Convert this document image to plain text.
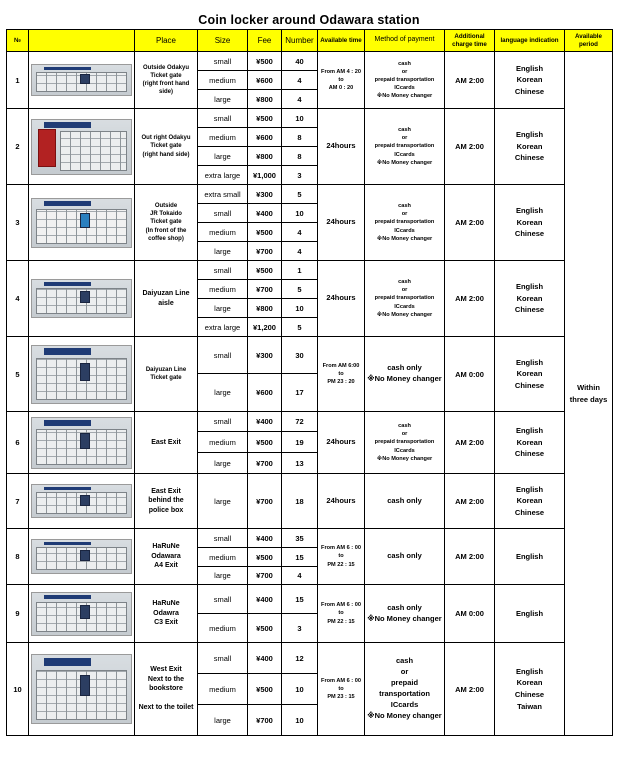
Coin locker around Odawara station
№		Place	Size	Fee	Number	Available time	Method of payment	Additional charge time	language indication	Available period
1		Outside Odakyu
Ticket gate
(right front hand
side)	small	¥500	40	From AM 4 : 20
to
AM 0 : 20	cash
or
prepaid transportation
ICcards
※No Money changer	AM 2:00	English
Korean
Chinese	Within
three days
			medium	¥600	4					
			large	¥800	4					
2		Out right Odakyu
Ticket gate
(right hand side)	small	¥500	10	24hours	cash
or
prepaid transportation
ICcards
※No Money changer	AM 2:00	English
Korean
Chinese	
			medium	¥600	8					
			large	¥800	8					
			extra large	¥1,000	3					
3		Outside
JR Tokaido
Ticket gate
(In front of the
coffee shop)	extra small	¥300	5	24hours	cash
or
prepaid transportation
ICcards
※No Money changer	AM 2:00	English
Korean
Chinese	
			small	¥400	10					
			medium	¥500	4					
			large	¥700	4					
4		Daiyuzan Line
aisle	small	¥500	1	24hours	cash
or
prepaid transportation
ICcards
※No Money changer	AM 2:00	English
Korean
Chinese	
			medium	¥700	5					
			large	¥800	10					
			extra large	¥1,200	5					
5		Daiyuzan Line
Ticket gate	small	¥300	30	From AM 6:00
to
PM 23 : 20	cash only
※No Money changer	AM 0:00	English
Korean
Chinese	
			large	¥600	17					
6		East Exit	small	¥400	72	24hours	cash
or
prepaid transportation
ICcards
※No Money changer	AM 2:00	English
Korean
Chinese	
			medium	¥500	19					
			large	¥700	13					
7		East Exit
behind the
police box	large	¥700	18	24hours	cash only	AM 2:00	English
Korean
Chinese	
8		HaRuNe
Odawara
A4 Exit	small	¥400	35	From AM 6 : 00
to
PM 22 : 15	cash only	AM 2:00	English	
			medium	¥500	15					
			large	¥700	4					
9		HaRuNe
Odawra
C3 Exit	small	¥400	15	From AM 6 : 00
to
PM 22 : 15	cash only
※No Money changer	AM 0:00	English	
			medium	¥500	3					
10		West Exit
Next to the
bookstore

Next to the toilet	small	¥400	12	From AM 6 : 00
to
PM 23 : 15	cash
or
prepaid transportation
ICcards
※No Money changer	AM 2:00	English
Korean
Chinese
Taiwan	
			medium	¥500	10					
			large	¥700	10					
